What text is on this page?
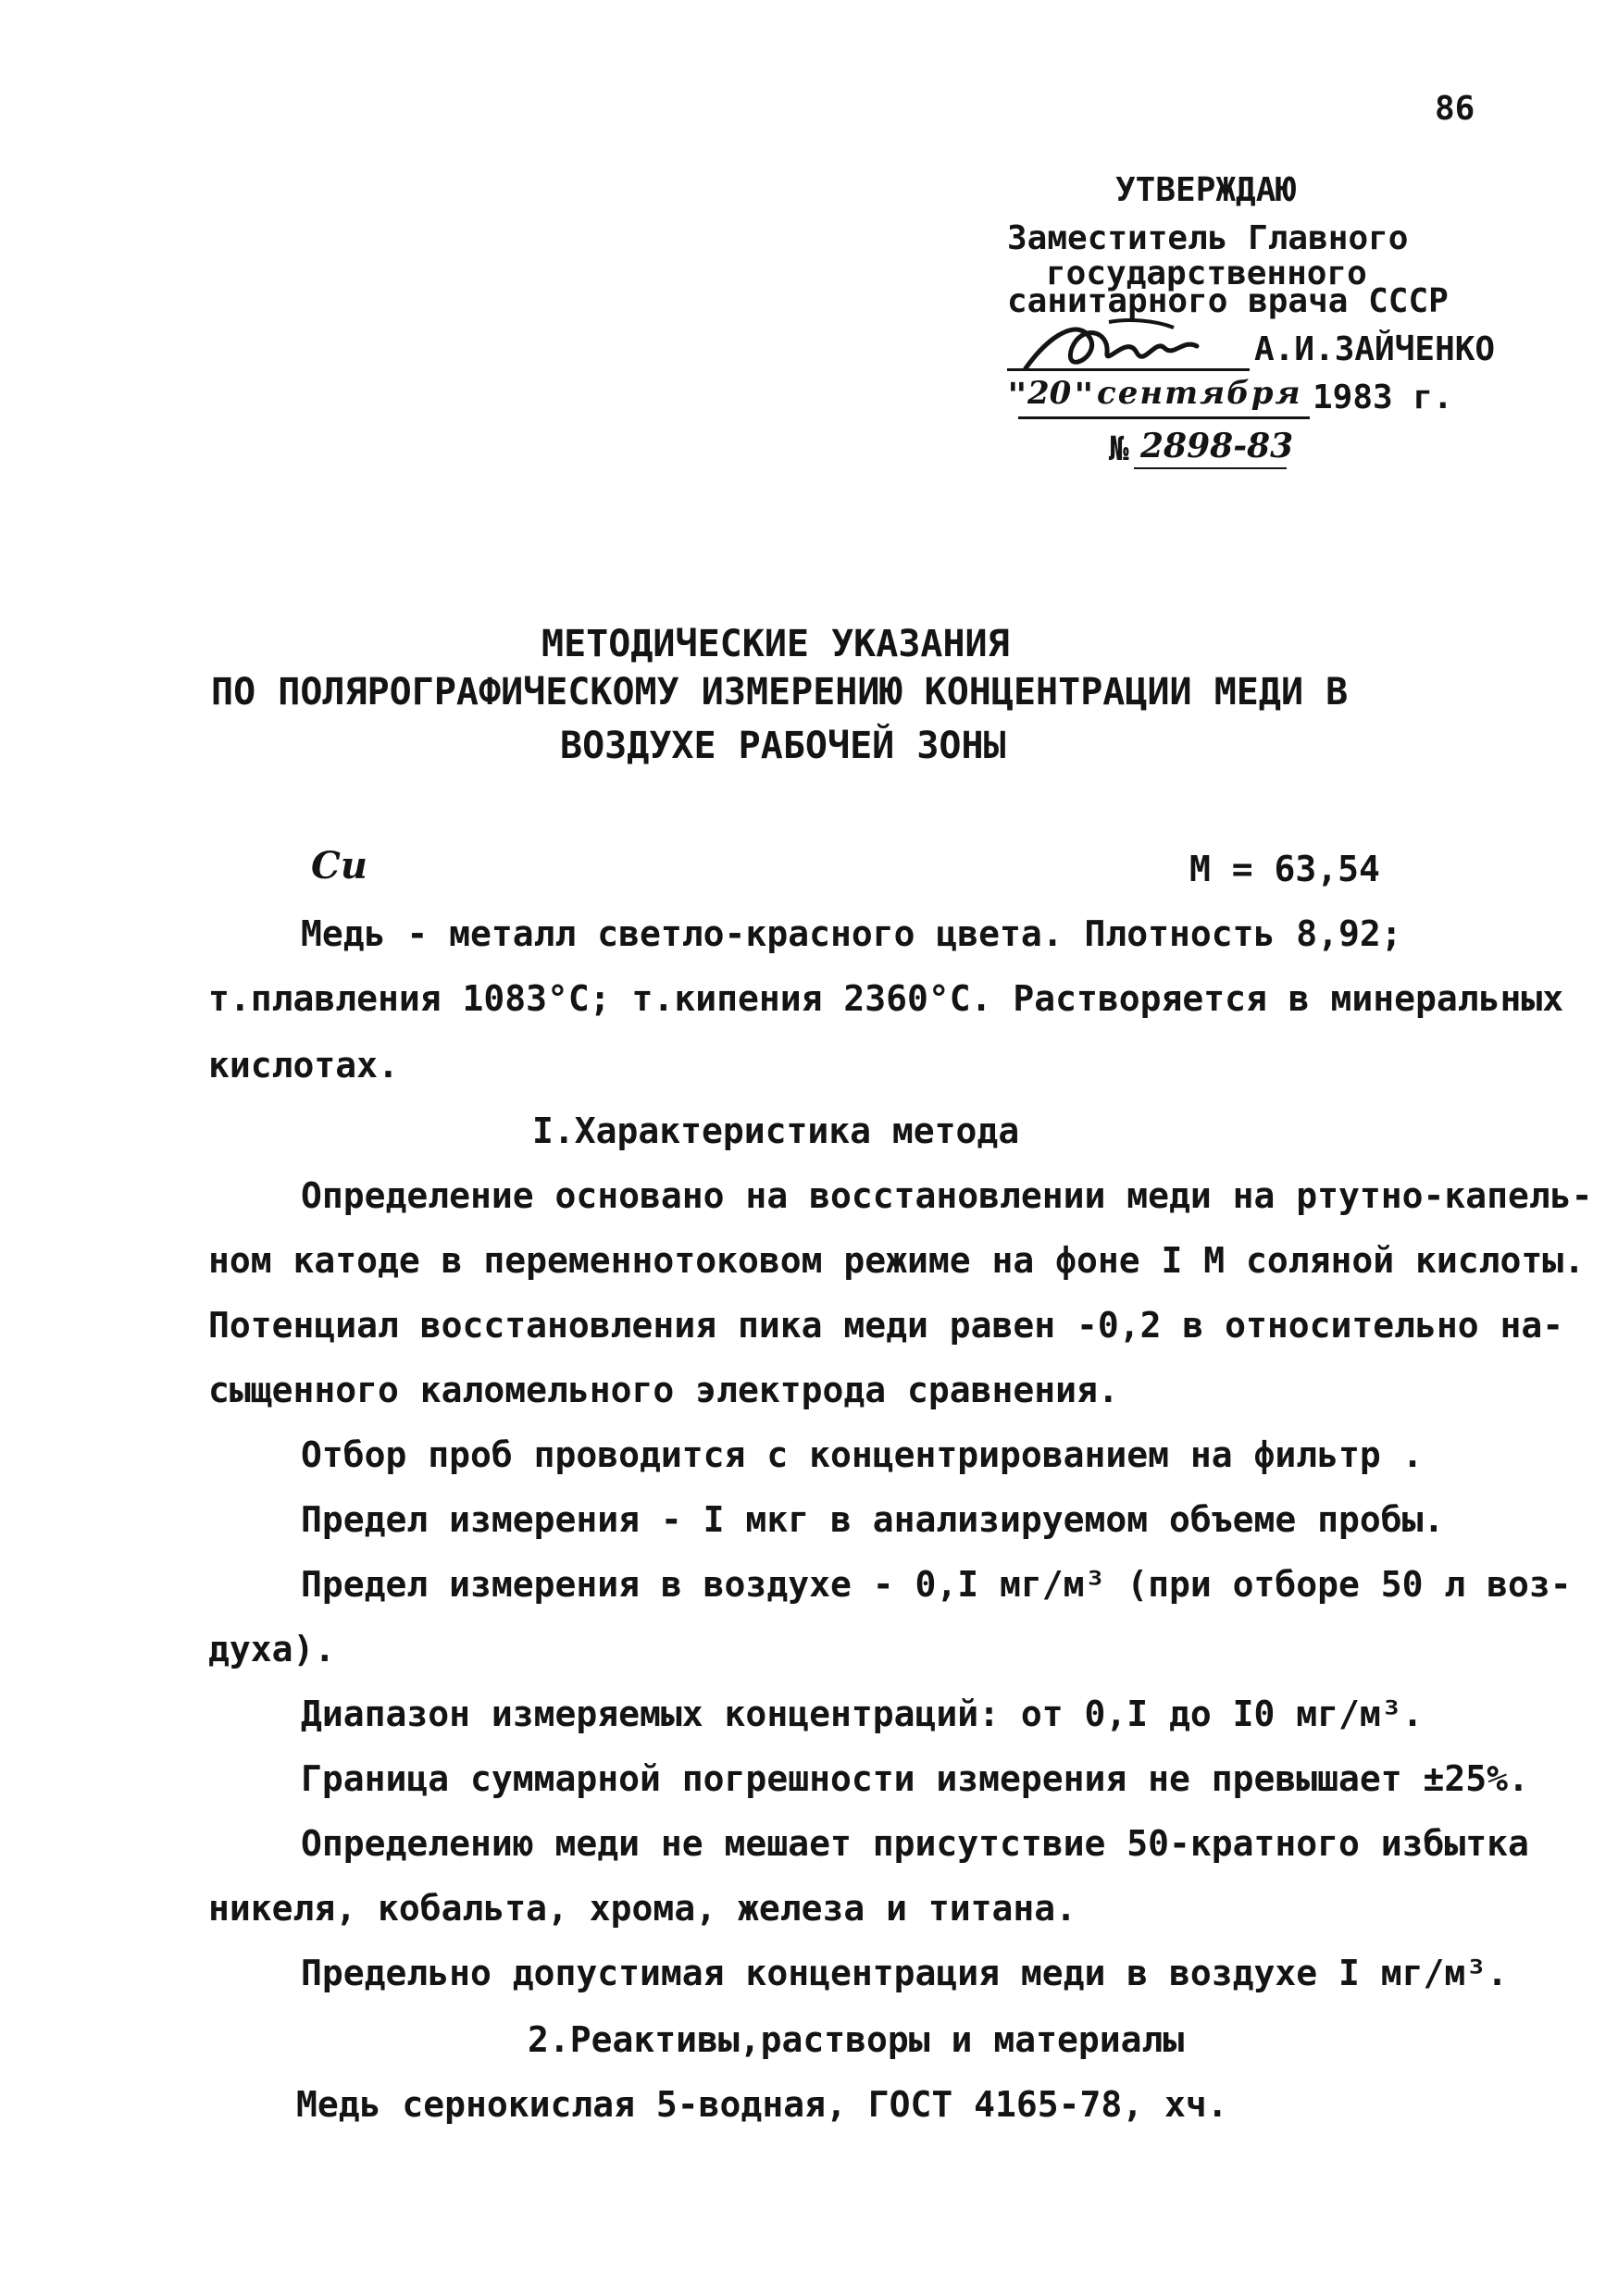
86
УТВЕРЖДАЮ
Заместитель Главного
государственного
санитарного врача СССР
А.И.ЗАЙЧЕНКО
" 20 " сентября 1983 г.
№ 2898-83
МЕТОДИЧЕСКИЕ УКАЗАНИЯ
ПО ПОЛЯРОГРАФИЧЕСКОМУ ИЗМЕРЕНИЮ КОНЦЕНТРАЦИИ МЕДИ В
ВОЗДУХЕ РАБОЧЕЙ ЗОНЫ
Cu	М = 63,54
Медь - металл светло-красного цвета. Плотность 8,92;
т.плавления 1083°С; т.кипения 2360°С. Растворяется в минеральных
кислотах.
I.Характеристика метода
Определение основано на восстановлении меди на ртутно-капель-
ном катоде в переменнотоковом режиме на фоне I М соляной кислоты.
Потенциал восстановления пика меди равен -0,2 в относительно на-
сыщенного каломельного электрода сравнения.
Отбор проб проводится с концентрированием на фильтр .
Предел измерения - I мкг в анализируемом объеме пробы.
Предел измерения в воздухе - 0,I мг/м³ (при отборе 50 л воз-
духа).
Диапазон измеряемых концентраций: от 0,I до I0 мг/м³.
Граница суммарной погрешности измерения не превышает ±25%.
Определению меди не мешает присутствие 50-кратного избытка
никеля, кобальта, хрома, железа и титана.
Предельно допустимая концентрация меди в воздухе I мг/м³.
2.Реактивы,растворы и материалы
Медь сернокислая 5-водная, ГОСТ 4165-78, хч.
